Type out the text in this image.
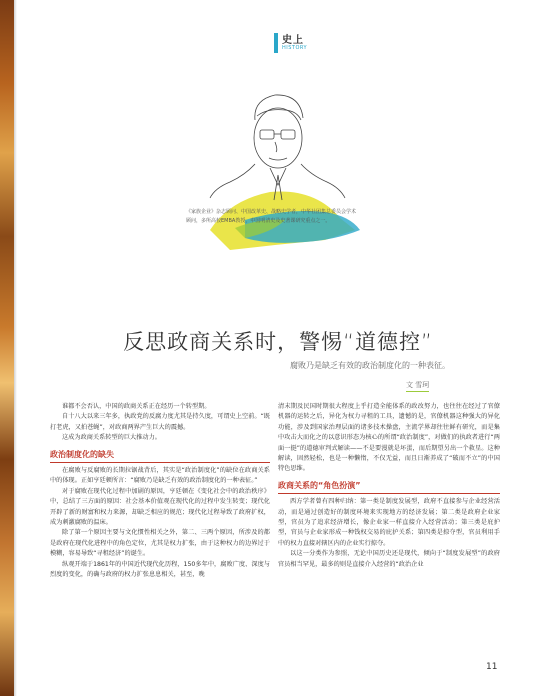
史上
HISTORY
《家族企业》杂志顾问、中国改革史、战略史学者，中华社团集总委员会学术顾问，多所高校EMBA教授，中国明清史及史著课研究重点之一。
反思政商关系时，警惕“道德控”
腐败乃是缺乏有效的政治制度化的一种表征。
文 雪珂

谁都不会否认，中国的政商关系正在经历一个转型期。

自十八大以来三年多，执政党的反腐力度尤其是持久度，可谓史上空前。“既打老虎，又拍苍蝇”，对政商两界产生巨大的震撼。

这成为政商关系转型的巨大推动力。

政治制度化的缺失

在腐败与反腐败的长期拉锯战背后，其实是“政治制度化”的缺位在政商关系中的体现。正如亨廷顿所言：“腐败乃是缺乏有效的政治制度化的一种表征。”

对于腐败在现代化过程中加剧的原因，亨廷顿在《变化社会中的政治秩序》中，总结了三方面的原因：社会基本价值观在现代化的过程中发生转变；现代化开辟了新的财富和权力来源，却缺乏相应的规范；现代化过程导致了政府扩权，成为刺激腐败的温床。

除了第一个原因主要与文化惯性相关之外，第二、三两个原因，所涉及的都是政府在现代化进程中的角色定位，尤其是权力扩张，由于这种权力的边界过于模糊，容易导致“寻租经济”的诞生。

纵观开端于1861年的中国近代现代化历程，150多年中，腐败广度、深度与烈度的变化，的确与政府的权力扩张息息相关，甚至，晚

清末期及民国时期很大程度上乎打造全能体系的政改努力，也往往在经过了官僚机器的运转之后，异化为权力寻租的工具，遗憾的是，官僚机器这种强大的异化功能，涉及到国家治理层面的诸多技术操盘，主流学界却往往鲜有研究，而是集中攻击大而化之的以意识形态为核心的所谓“政治制度”，对做们的执政者进行“两面一挺”的道德审判式解读——不是要漫就是坏蛋，而后期望另出一个救星。这种解读，固然轻松，也是一种懒惰，不仅无益，而且日渐养成了“破而不立”的中国特色思维。

政商关系的“角色扮演”

西方学者曾有四种归纳：第一类是制度发展型，政府不直接参与企业经营活动，而是通过创造好的制度环境来实现地方的经济发展；第二类是政府企业家型，官员为了追求经济增长，像企业家一样直接介入经营活动；第三类是庇护型，官员与企业家形成一种钱权交易的庇护关系；第四类是掠夺型，官员利用手中的权力直接对辖区内的企业实行掠夺。

以这一分类作为参照，无论中国历史还是现代，倾向于“制度发展型”的政府官员相当罕见，最多的则是直接介入经营的“政治企业

11
